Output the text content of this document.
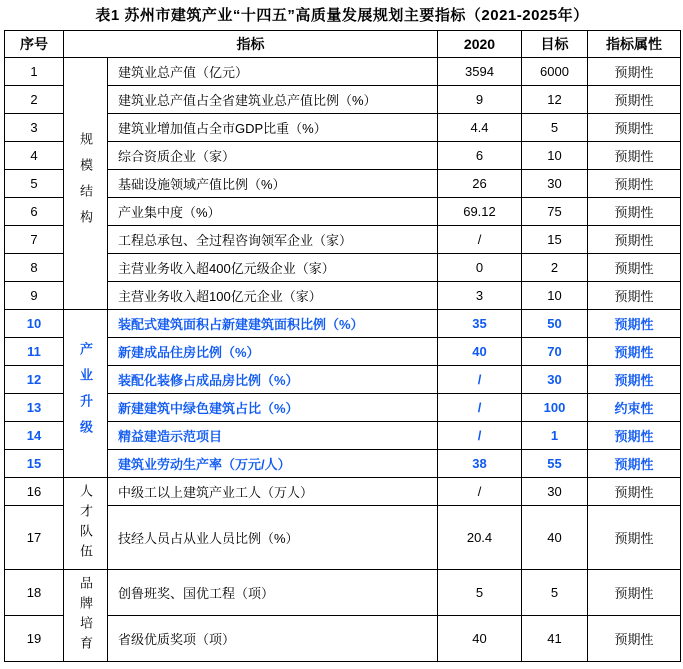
表1 苏州市建筑产业“十四五”高质量发展规划主要指标（2021-2025年）
序号	指标		2020	目标	指标属性
1	规模结构	建筑业总产值（亿元）	3594	6000	预期性
2		建筑业总产值占全省建筑业总产值比例（%）	9	12	预期性
3		建筑业增加值占全市GDP比重（%）	4.4	5	预期性
4		综合资质企业（家）	6	10	预期性
5		基础设施领域产值比例（%）	26	30	预期性
6		产业集中度（%）	69.12	75	预期性
7		工程总承包、全过程咨询领军企业（家）	/	15	预期性
8		主营业务收入超400亿元级企业（家）	0	2	预期性
9		主营业务收入超100亿元企业（家）	3	10	预期性
10	产业升级	装配式建筑面积占新建建筑面积比例（%）	35	50	预期性
11		新建成品住房比例（%）	40	70	预期性
12		装配化装修占成品房比例（%）	/	30	预期性
13		新建建筑中绿色建筑占比（%）	/	100	约束性
14		精益建造示范项目	/	1	预期性
15		建筑业劳动生产率（万元/人）	38	55	预期性
16	人才队伍	中级工以上建筑产业工人（万人）	/	30	预期性
17		技经人员占从业人员比例（%）	20.4	40	预期性
18	品牌培育	创鲁班奖、国优工程（项）	5	5	预期性
19		省级优质奖项（项）	40	41	预期性
